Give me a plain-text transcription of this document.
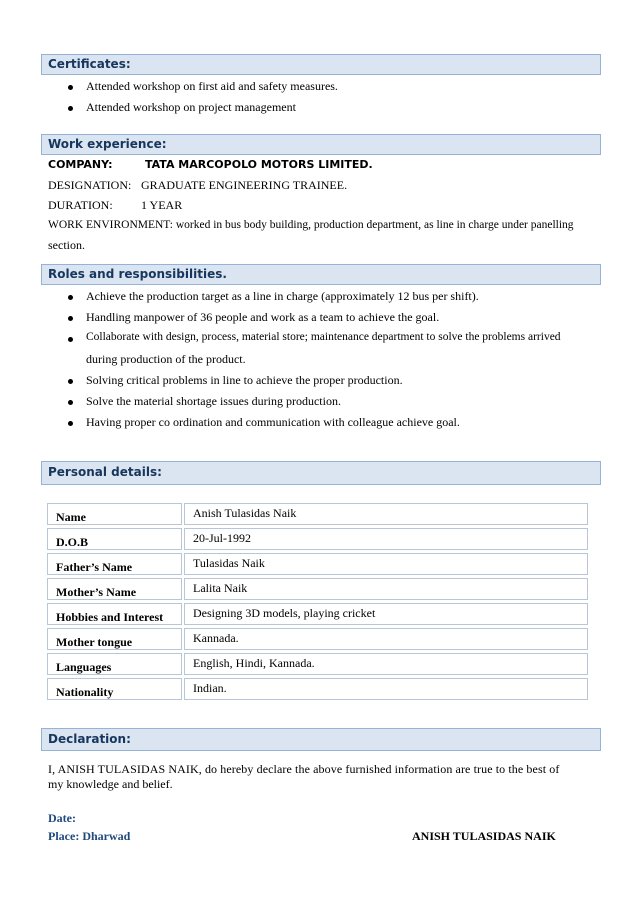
Certificates:
Attended workshop on first aid and safety measures.
Attended workshop on project management
Work experience:
COMPANY:	TATA MARCOPOLO MOTORS LIMITED.
DESIGNATION: GRADUATE ENGINEERING TRAINEE.
DURATION: 1 YEAR
WORK ENVIRONMENT: worked in bus body building, production department, as line in charge under panelling
section.
Roles and responsibilities.
Achieve the production target as a line in charge (approximately 12 bus per shift).
Handling manpower of 36 people and work as a team to achieve the goal.
Collaborate with design, process, material store; maintenance department to solve the problems arrived
during production of the product.
Solving critical problems in line to achieve the proper production.
Solve the material shortage issues during production.
Having proper co ordination and communication with colleague achieve goal.
Personal details:
Name	Anish Tulasidas Naik
D.O.B	20-Jul-1992
Father’s Name	Tulasidas Naik
Mother’s Name	Lalita Naik
Hobbies and Interest	Designing 3D models, playing cricket
Mother tongue	Kannada.
Languages	English, Hindi, Kannada.
Nationality	Indian.
Declaration:
I, ANISH TULASIDAS NAIK, do hereby declare the above furnished information are true to the best of
my knowledge and belief.
Date:
Place: Dharwad	ANISH TULASIDAS NAIK
